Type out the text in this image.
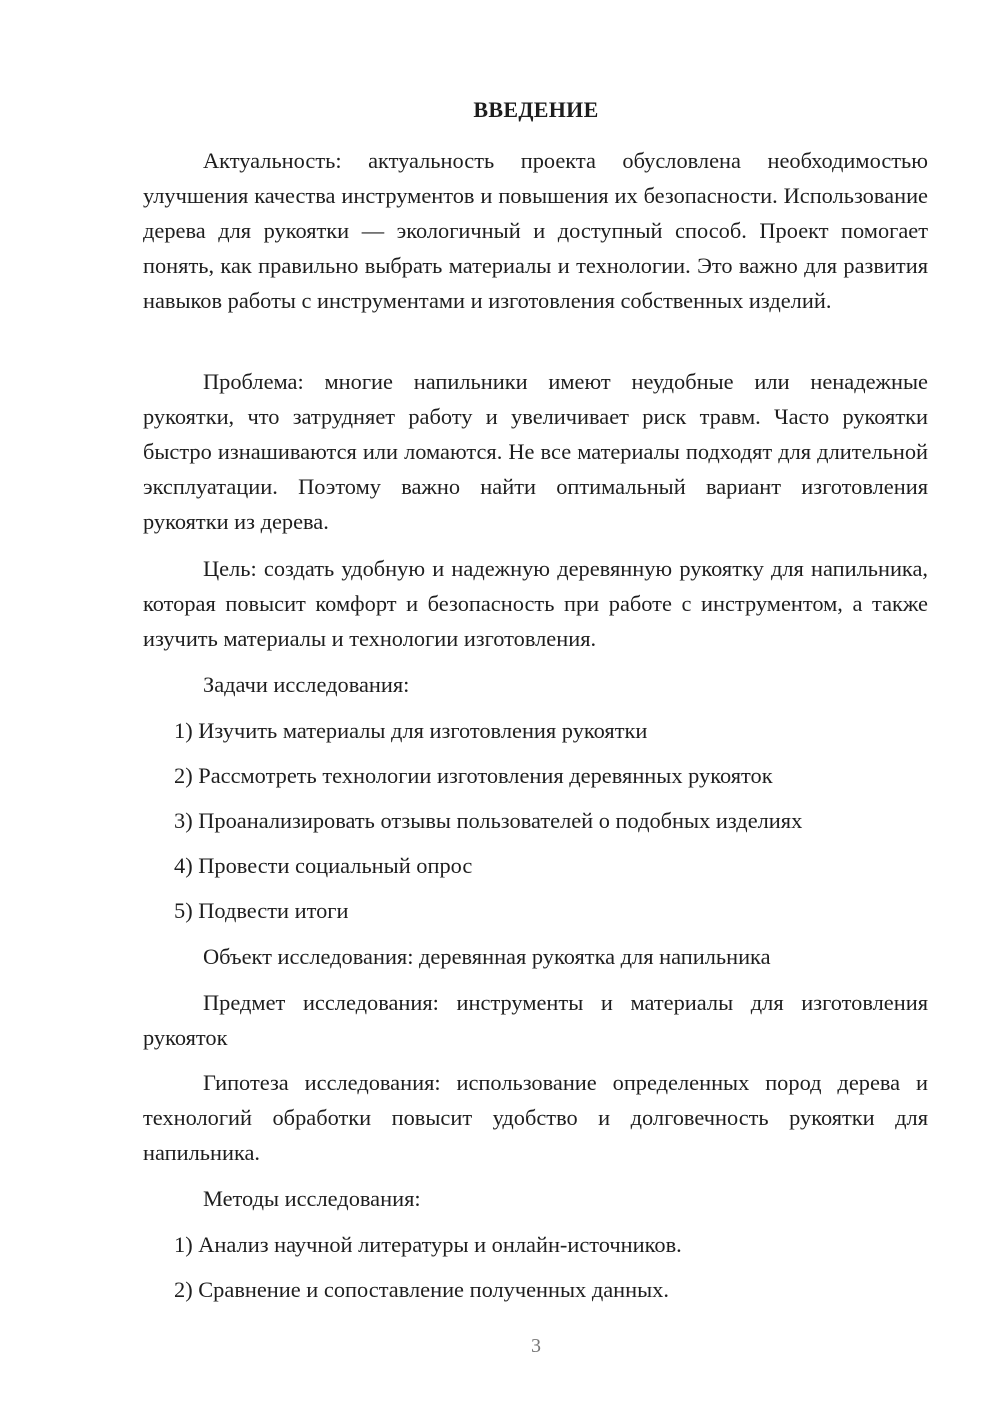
ВВЕДЕНИЕ

Актуальность: актуальность проекта обусловлена необходимостью улучшения качества инструментов и повышения их безопасности. Использование дерева для рукоятки — экологичный и доступный способ. Проект помогает понять, как правильно выбрать материалы и технологии. Это важно для развития навыков работы с инструментами и изготовления собственных изделий.

Проблема: многие напильники имеют неудобные или ненадежные рукоятки, что затрудняет работу и увеличивает риск травм. Часто рукоятки быстро изнашиваются или ломаются. Не все материалы подходят для длительной эксплуатации. Поэтому важно найти оптимальный вариант изготовления рукоятки из дерева.

Цель: создать удобную и надежную деревянную рукоятку для напильника, которая повысит комфорт и безопасность при работе с инструментом, а также изучить материалы и технологии изготовления.

Задачи исследования:

1) Изучить материалы для изготовления рукоятки

2) Рассмотреть технологии изготовления деревянных рукояток

3) Проанализировать отзывы пользователей о подобных изделиях

4) Провести социальный опрос

5) Подвести итоги

Объект исследования: деревянная рукоятка для напильника

Предмет исследования: инструменты и материалы для изготовления рукояток

Гипотеза исследования: использование определенных пород дерева и технологий обработки повысит удобство и долговечность рукоятки для напильника.

Методы исследования:

1) Анализ научной литературы и онлайн-источников.

2) Сравнение и сопоставление полученных данных.

3
